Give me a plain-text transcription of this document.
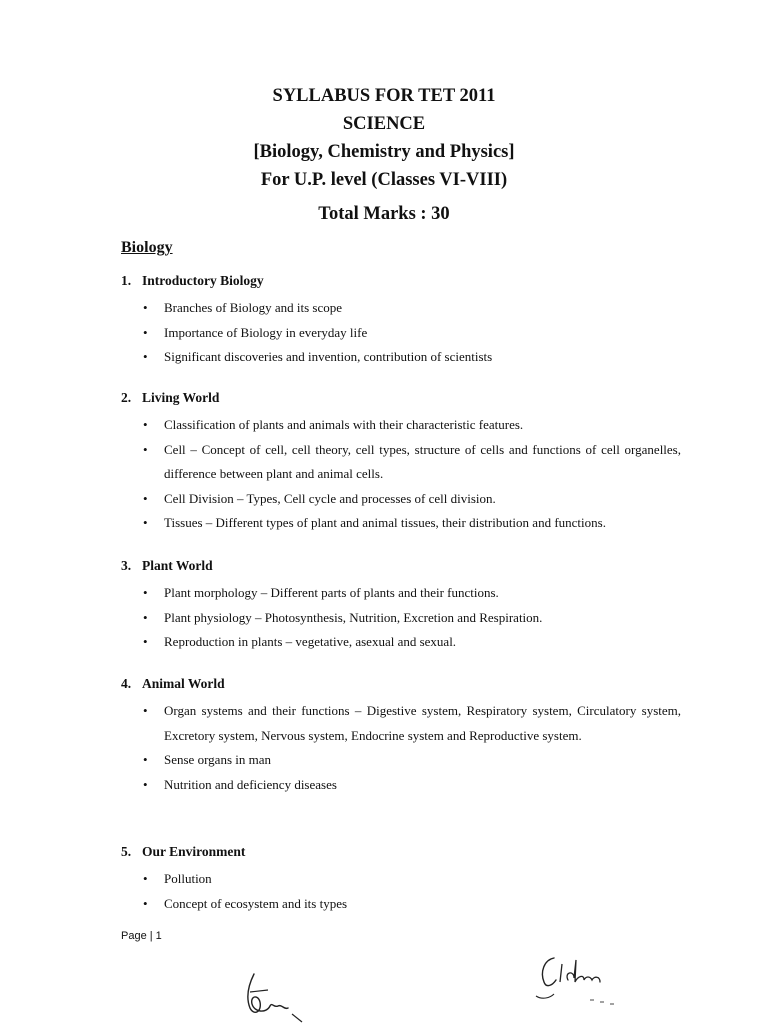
SYLLABUS FOR TET 2011
SCIENCE
[Biology, Chemistry and Physics]
For U.P. level (Classes VI-VIII)
Total Marks : 30
Biology
1. Introductory Biology
• Branches of Biology and its scope
• Importance of Biology in everyday life
• Significant discoveries and invention, contribution of scientists
2. Living World
• Classification of plants and animals with their characteristic features.
• Cell – Concept of cell, cell theory, cell types, structure of cells and functions of cell organelles, difference between plant and animal cells.
• Cell Division – Types, Cell cycle and processes of cell division.
• Tissues – Different types of plant and animal tissues, their distribution and functions.
3. Plant World
• Plant morphology – Different parts of plants and their functions.
• Plant physiology – Photosynthesis, Nutrition, Excretion and Respiration.
• Reproduction in plants – vegetative, asexual and sexual.
4. Animal World
• Organ systems and their functions – Digestive system, Respiratory system, Circulatory system, Excretory system, Nervous system, Endocrine system and Reproductive system.
• Sense organs in man
• Nutrition and deficiency diseases
5. Our Environment
• Pollution
• Concept of ecosystem and its types
Page | 1
